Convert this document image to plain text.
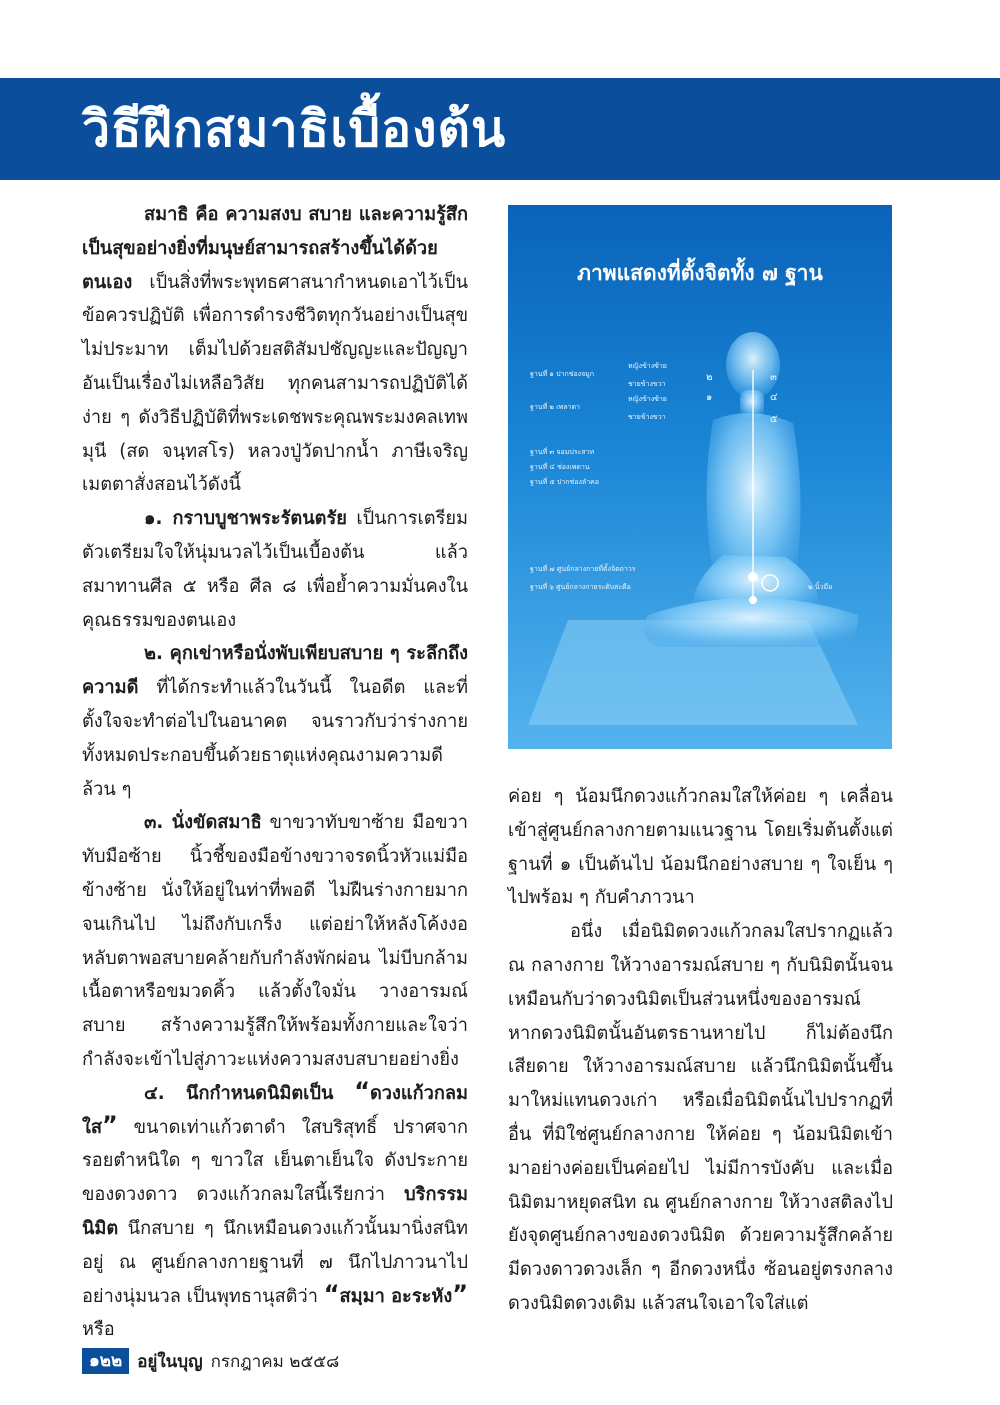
วิธีฝึกสมาธิเบื้องต้น

สมาธิ คือ ความสงบ สบาย และความรู้สึกเป็นสุขอย่างยิ่งที่มนุษย์สามารถสร้างขึ้นได้ด้วยตนเอง เป็นสิ่งที่พระพุทธศาสนากำหนดเอาไว้เป็นข้อควรปฏิบัติ เพื่อการดำรงชีวิตทุกวันอย่างเป็นสุข ไม่ประมาท เต็มไปด้วยสติสัมปชัญญะและปัญญา อันเป็นเรื่องไม่เหลือวิสัย ทุกคนสามารถปฏิบัติได้ง่าย ๆ ดังวิธีปฏิบัติที่พระเดชพระคุณพระมงคลเทพมุนี (สด จนฺทสโร) หลวงปู่วัดปากน้ำ ภาษีเจริญ เมตตาสั่งสอนไว้ดังนี้

๑. กราบบูชาพระรัตนตรัย เป็นการเตรียมตัวเตรียมใจให้นุ่มนวลไว้เป็นเบื้องต้น แล้วสมาทานศีล ๕ หรือ ศีล ๘ เพื่อย้ำความมั่นคงในคุณธรรมของตนเอง

๒. คุกเข่าหรือนั่งพับเพียบสบาย ๆ ระลึกถึงความดี ที่ได้กระทำแล้วในวันนี้ ในอดีต และที่ตั้งใจจะทำต่อไปในอนาคต จนราวกับว่าร่างกายทั้งหมดประกอบขึ้นด้วยธาตุแห่งคุณงามความดีล้วน ๆ

๓. นั่งขัดสมาธิ ขาขวาทับขาซ้าย มือขวาทับมือซ้าย นิ้วชี้ของมือข้างขวาจรดนิ้วหัวแม่มือข้างซ้าย นั่งให้อยู่ในท่าที่พอดี ไม่ฝืนร่างกายมากจนเกินไป ไม่ถึงกับเกร็ง แต่อย่าให้หลังโค้งงอ หลับตาพอสบายคล้ายกับกำลังพักผ่อน ไม่บีบกล้ามเนื้อตาหรือขมวดคิ้ว แล้วตั้งใจมั่น วางอารมณ์สบาย สร้างความรู้สึกให้พร้อมทั้งกายและใจว่ากำลังจะเข้าไปสู่ภาวะแห่งความสงบสบายอย่างยิ่ง

๔. นึกกำหนดนิมิตเป็น “ดวงแก้วกลมใส” ขนาดเท่าแก้วตาดำ ใสบริสุทธิ์ ปราศจากรอยตำหนิใด ๆ ขาวใส เย็นตาเย็นใจ ดังประกายของดวงดาว ดวงแก้วกลมใสนี้เรียกว่า บริกรรมนิมิต นึกสบาย ๆ นึกเหมือนดวงแก้วนั้นมานิ่งสนิทอยู่ ณ ศูนย์กลางกายฐานที่ ๗ นึกไปภาวนาไปอย่างนุ่มนวล เป็นพุทธานุสติว่า “สมฺมา อะระหัง” หรือ

ภาพแสดงที่ตั้งจิตทั้ง ๗ ฐาน
ฐานที่ ๑ ปากช่องจมูก
หญิงข้างซ้าย
ชายข้างขวา
ฐานที่ ๒ เพลาตา
หญิงข้างซ้าย
ชายข้างขวา
ฐานที่ ๓ จอมประสาท
ฐานที่ ๔ ช่องเพดาน
ฐานที่ ๕ ปากช่องลำคอ
ฐานที่ ๗ ศูนย์กลางกายที่ตั้งจิตถาวร
ฐานที่ ๖ ศูนย์กลางกายระดับสะดือ	๒ นิ้วมือ
๒
๑
๓
๔
๕

ค่อย ๆ น้อมนึกดวงแก้วกลมใสให้ค่อย ๆ เคลื่อนเข้าสู่ศูนย์กลางกายตามแนวฐาน โดยเริ่มต้นตั้งแต่ฐานที่ ๑ เป็นต้นไป น้อมนึกอย่างสบาย ๆ ใจเย็น ๆ ไปพร้อม ๆ กับคำภาวนา

อนึ่ง เมื่อนิมิตดวงแก้วกลมใสปรากฏแล้ว ณ กลางกาย ให้วางอารมณ์สบาย ๆ กับนิมิตนั้นจนเหมือนกับว่าดวงนิมิตเป็นส่วนหนึ่งของอารมณ์ หากดวงนิมิตนั้นอันตรธานหายไป ก็ไม่ต้องนึกเสียดาย ให้วางอารมณ์สบาย แล้วนึกนิมิตนั้นขึ้นมาใหม่แทนดวงเก่า หรือเมื่อนิมิตนั้นไปปรากฏที่อื่น ที่มิใช่ศูนย์กลางกาย ให้ค่อย ๆ น้อมนิมิตเข้ามาอย่างค่อยเป็นค่อยไป ไม่มีการบังคับ และเมื่อนิมิตมาหยุดสนิท ณ ศูนย์กลางกาย ให้วางสติลงไปยังจุดศูนย์กลางของดวงนิมิต ด้วยความรู้สึกคล้ายมีดวงดาวดวงเล็ก ๆ อีกดวงหนึ่ง ซ้อนอยู่ตรงกลางดวงนิมิตดวงเดิม แล้วสนใจเอาใจใส่แต่

๑๒๒ อยู่ในบุญ กรกฎาคม ๒๕๕๘
